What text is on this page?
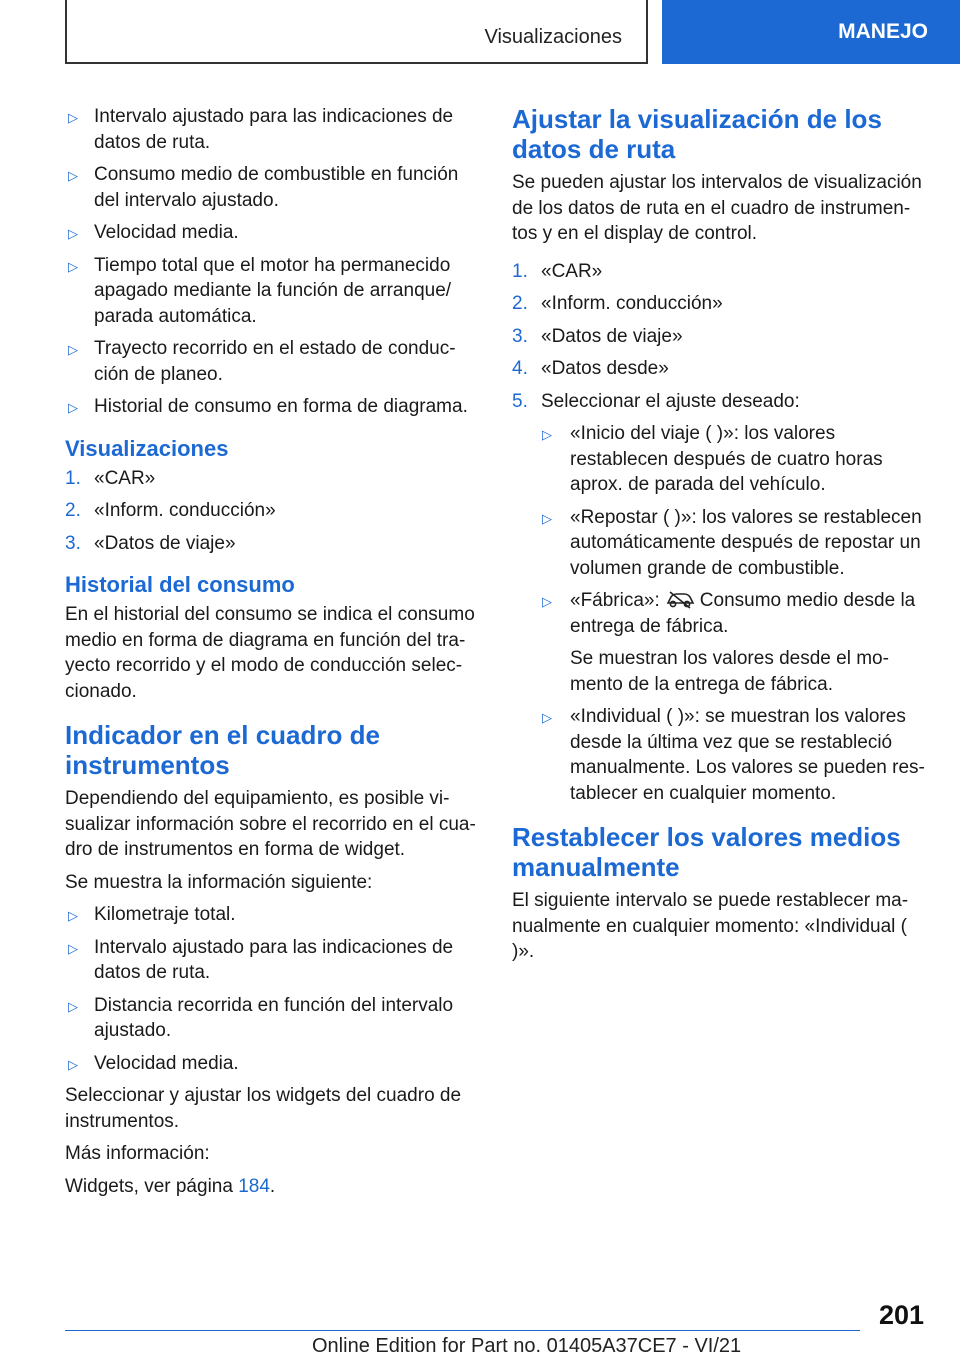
Visualizaciones	MANEJO
▷ Intervalo ajustado para las indicaciones de datos de ruta.
▷ Consumo medio de combustible en función del intervalo ajustado.
▷ Velocidad media.
▷ Tiempo total que el motor ha permanecido apagado mediante la función de arranque/ parada automática.
▷ Trayecto recorrido en el estado de conduc‐ ción de planeo.
▷ Historial de consumo en forma de diagrama.
Visualizaciones
1. «CAR»
2. «Inform. conducción»
3. «Datos de viaje»
Historial del consumo

En el historial del consumo se indica el consumo medio en forma de diagrama en función del tra‐ yecto recorrido y el modo de conducción selec‐ cionado.

Indicador en el cuadro de instrumentos

Dependiendo del equipamiento, es posible vi‐ sualizar información sobre el recorrido en el cua‐ dro de instrumentos en forma de widget.

Se muestra la información siguiente:

▷ Kilometraje total.
▷ Intervalo ajustado para las indicaciones de datos de ruta.
▷ Distancia recorrida en función del intervalo ajustado.
▷ Velocidad media.

Seleccionar y ajustar los widgets del cuadro de instrumentos.

Más información:

Widgets, ver página 184.

Ajustar la visualización de los datos de ruta

Se pueden ajustar los intervalos de visualización de los datos de ruta en el cuadro de instrumen‐ tos y en el display de control.

1. «CAR»
2. «Inform. conducción»
3. «Datos de viaje»
4. «Datos desde»
5. Seleccionar el ajuste deseado:
▷ «Inicio del viaje ( )»: los valores restablecen después de cuatro horas aprox. de parada del vehículo.
▷ «Repostar ( )»: los valores se restablecen automáticamente después de repostar un volumen grande de combustible.
▷ «Fábrica»: Consumo medio desde la entrega de fábrica.
Se muestran los valores desde el mo‐ mento de la entrega de fábrica.
▷ «Individual ( )»: se muestran los valores desde la última vez que se restableció manualmente. Los valores se pueden res‐ tablecer en cualquier momento.
Restablecer los valores medios manualmente

El siguiente intervalo se puede restablecer ma‐ nualmente en cualquier momento: «Individual ( )».

201
Online Edition for Part no. 01405A37CE7 - VI/21
